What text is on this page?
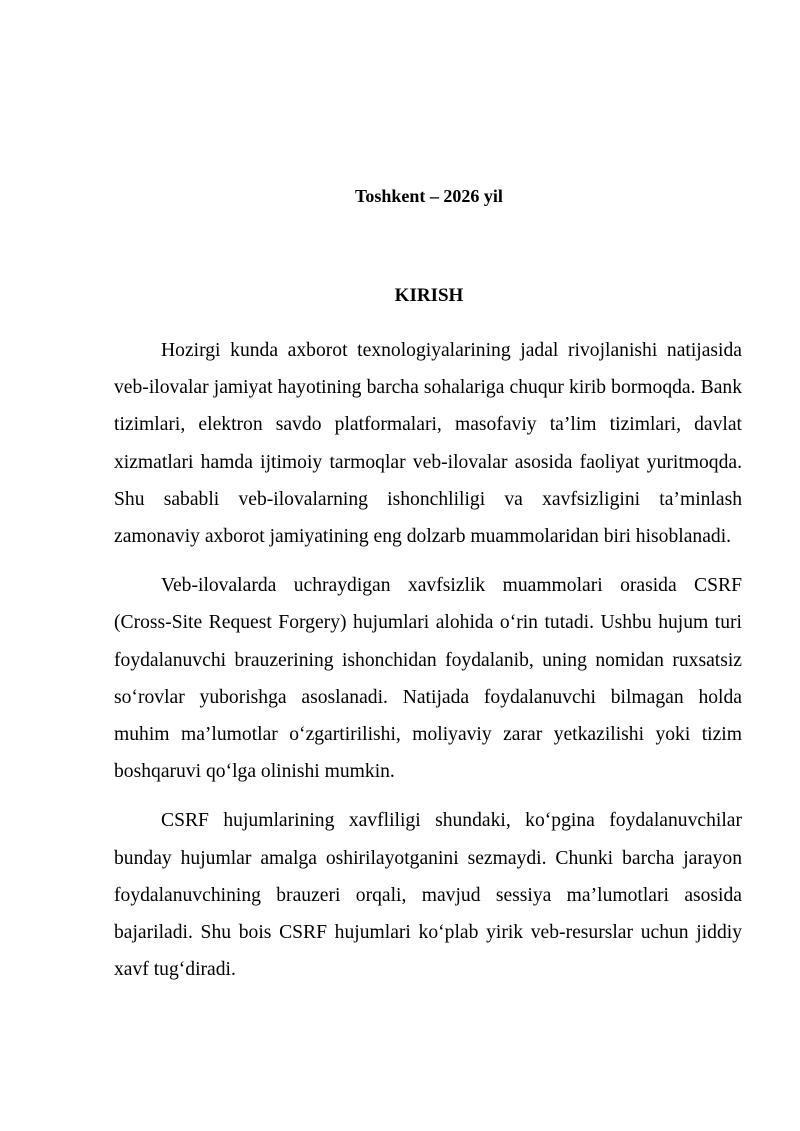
Toshkent – 2026 yil
KIRISH

Hozirgi kunda axborot texnologiyalarining jadal rivojlanishi natijasida veb-ilovalar jamiyat hayotining barcha sohalariga chuqur kirib bormoqda. Bank tizimlari, elektron savdo platformalari, masofaviy ta’lim tizimlari, davlat xizmatlari hamda ijtimoiy tarmoqlar veb-ilovalar asosida faoliyat yuritmoqda. Shu sababli veb-ilovalarning ishonchliligi va xavfsizligini ta’minlash zamonaviy axborot jamiyatining eng dolzarb muammolaridan biri hisoblanadi.

Veb-ilovalarda uchraydigan xavfsizlik muammolari orasida CSRF (Cross-Site Request Forgery) hujumlari alohida o‘rin tutadi. Ushbu hujum turi foydalanuvchi brauzerining ishonchidan foydalanib, uning nomidan ruxsatsiz so‘rovlar yuborishga asoslanadi. Natijada foydalanuvchi bilmagan holda muhim ma’lumotlar o‘zgartirilishi, moliyaviy zarar yetkazilishi yoki tizim boshqaruvi qo‘lga olinishi mumkin.

CSRF hujumlarining xavfliligi shundaki, ko‘pgina foydalanuvchilar bunday hujumlar amalga oshirilayotganini sezmaydi. Chunki barcha jarayon foydalanuvchining brauzeri orqali, mavjud sessiya ma’lumotlari asosida bajariladi. Shu bois CSRF hujumlari ko‘plab yirik veb-resurslar uchun jiddiy xavf tug‘diradi.
